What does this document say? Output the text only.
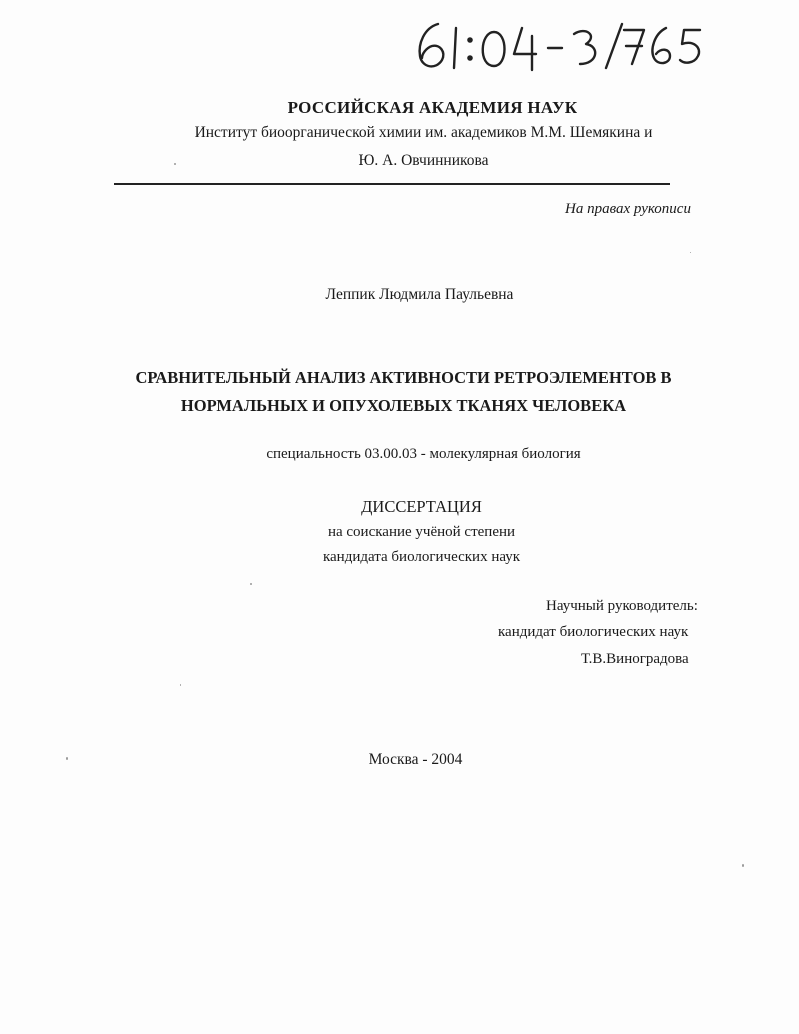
РОССИЙСКАЯ АКАДЕМИЯ НАУК
Институт биоорганической химии им. академиков М.М. Шемякина и
Ю. А. Овчинникова
На правах рукописи
Леппик Людмила Паульевна
СРАВНИТЕЛЬНЫЙ АНАЛИЗ АКТИВНОСТИ РЕТРОЭЛЕМЕНТОВ В
НОРМАЛЬНЫХ И ОПУХОЛЕВЫХ ТКАНЯХ ЧЕЛОВЕКА
специальность 03.00.03 - молекулярная биология
ДИССЕРТАЦИЯ
на соискание учёной степени
кандидата биологических наук
Научный руководитель:
кандидат биологических наук
Т.В.Виноградова
Москва - 2004
